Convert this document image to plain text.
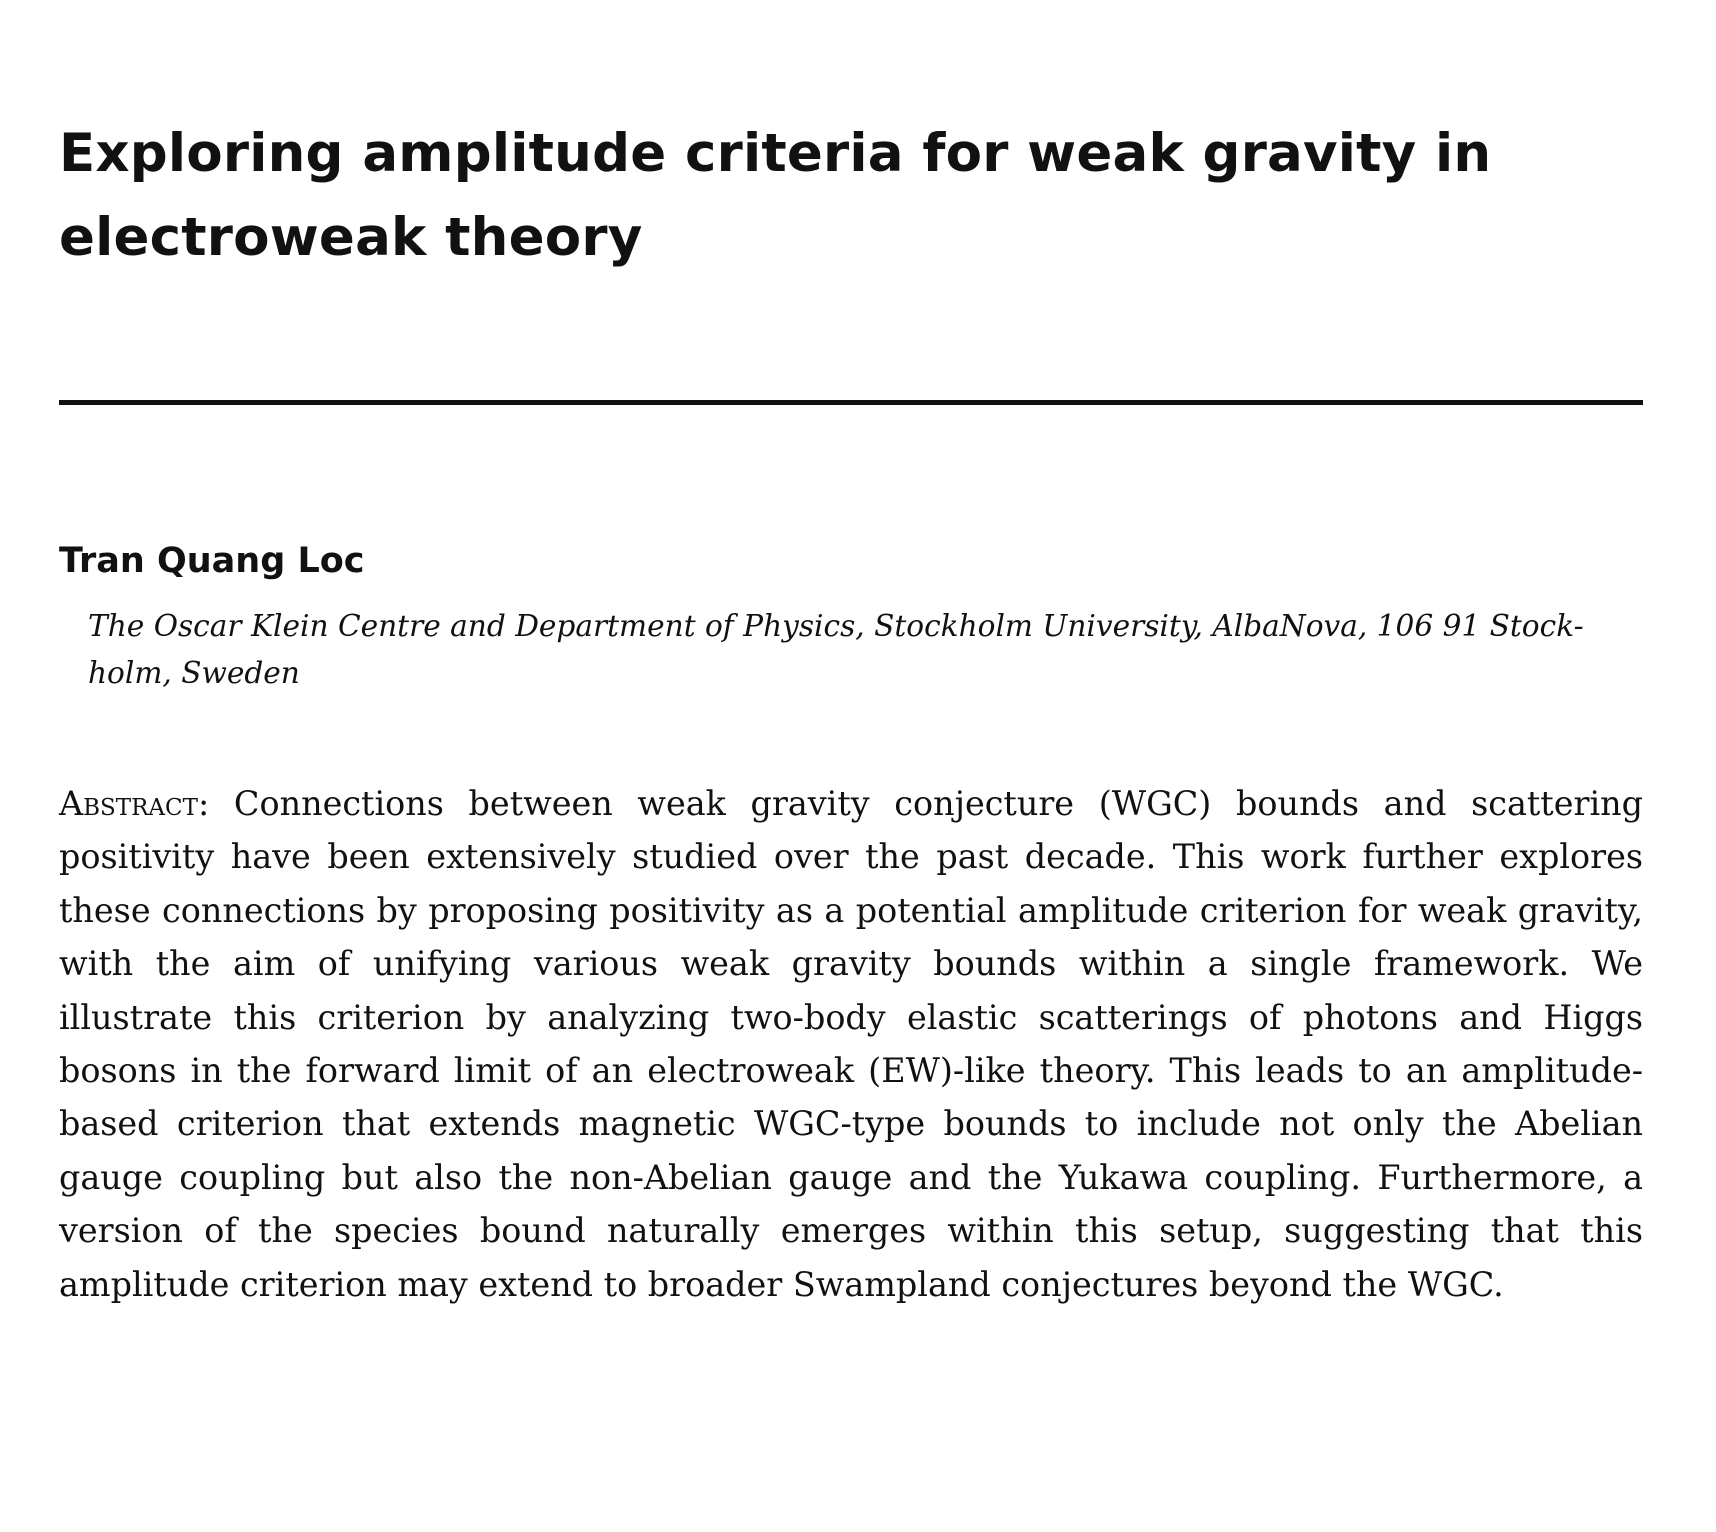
Exploring amplitude criteria for weak gravity in electroweak theory

Tran Quang Loc

The Oscar Klein Centre and Department of Physics, Stockholm University, AlbaNova, 106 91 Stock-holm, Sweden

Abstract: Connections between weak gravity conjecture (WGC) bounds and scattering positivity have been extensively studied over the past decade. This work further explores these connections by proposing positivity as a potential amplitude criterion for weak gravity, with the aim of unifying various weak gravity bounds within a single framework. We illustrate this criterion by analyzing two-body elastic scatterings of photons and Higgs bosons in the forward limit of an electroweak (EW)-like theory. This leads to an amplitude-based criterion that extends magnetic WGC-type bounds to include not only the Abelian gauge coupling but also the non-Abelian gauge and the Yukawa coupling. Furthermore, a version of the species bound naturally emerges within this setup, suggesting that this amplitude criterion may extend to broader Swampland conjectures beyond the WGC.
